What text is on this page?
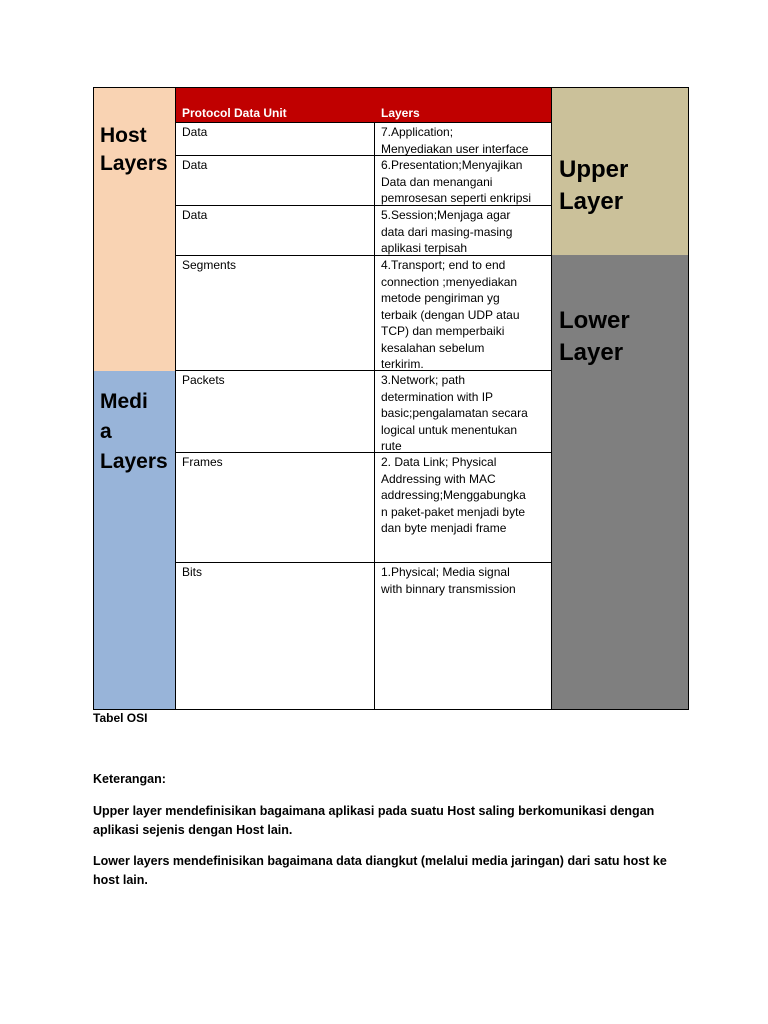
Host
Layers
Medi
a
Layers
Protocol Data Unit	Layers
Data	7.Application;
Menyediakan user interface
Data	6.Presentation;Menyajikan
Data dan menangani
pemrosesan seperti enkripsi
Data	5.Session;Menjaga agar
data dari masing-masing
aplikasi terpisah
Segments	4.Transport; end to end
connection ;menyediakan
metode pengiriman yg
terbaik (dengan UDP atau
TCP) dan memperbaiki
kesalahan sebelum
terkirim.
Packets	3.Network; path
determination with IP
basic;pengalamatan secara
logical untuk menentukan
rute
Frames	2. Data Link; Physical
Addressing with MAC
addressing;Menggabungka
n paket-paket menjadi byte
dan byte menjadi frame
Bits	1.Physical; Media signal
with binnary transmission
Upper
Layer
Lower
Layer
Tabel OSI
Keterangan:
Upper layer mendefinisikan bagaimana aplikasi pada suatu Host saling berkomunikasi dengan
aplikasi sejenis dengan Host lain.
Lower layers mendefinisikan bagaimana data diangkut (melalui media jaringan) dari satu host ke
host lain.
